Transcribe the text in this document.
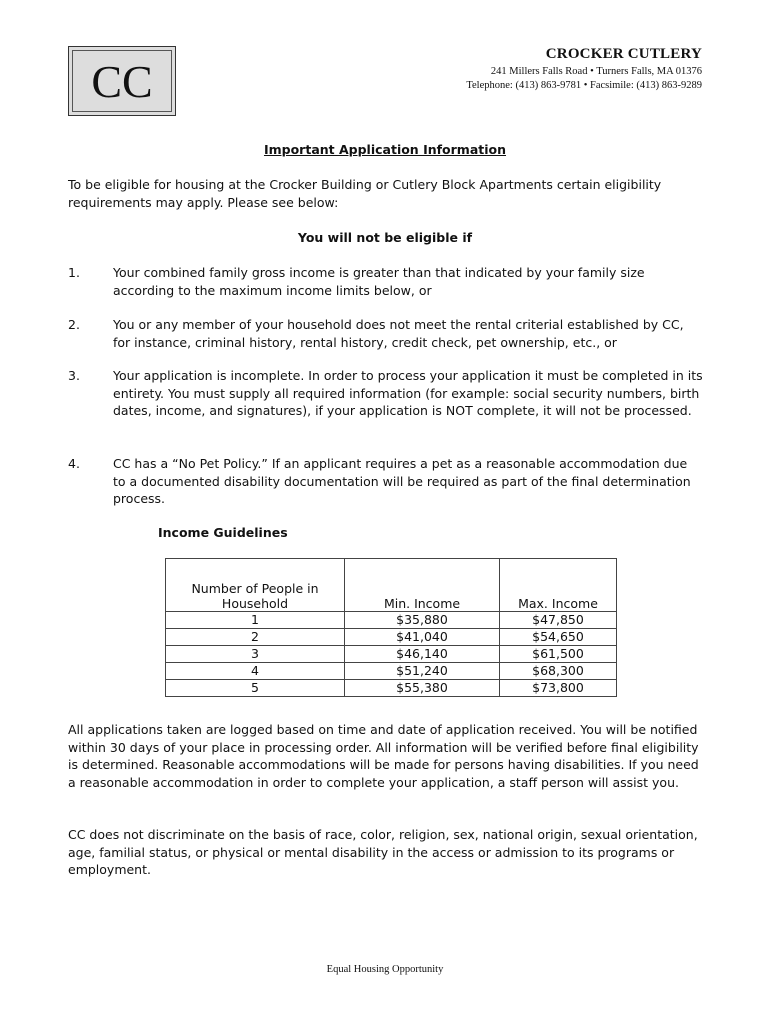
CC
CROCKER CUTLERY
241 Millers Falls Road • Turners Falls, MA 01376
Telephone: (413) 863-9781 • Facsimile: (413) 863-9289
Important Application Information
To be eligible for housing at the Crocker Building or Cutlery Block Apartments certain eligibility requirements may apply. Please see below:
You will not be eligible if
1.	Your combined family gross income is greater than that indicated by your family size according to the maximum income limits below, or
2.	You or any member of your household does not meet the rental criterial established by CC, for instance, criminal history, rental history, credit check, pet ownership, etc., or
3.	Your application is incomplete. In order to process your application it must be completed in its entirety. You must supply all required information (for example: social security numbers, birth dates, income, and signatures), if your application is NOT complete, it will not be processed.
4.	CC has a “No Pet Policy.” If an applicant requires a pet as a reasonable accommodation due to a documented disability documentation will be required as part of the final determination process.
Income Guidelines
Number of People in Household	Min. Income	Max. Income
1	$35,880	$47,850
2	$41,040	$54,650
3	$46,140	$61,500
4	$51,240	$68,300
5	$55,380	$73,800
All applications taken are logged based on time and date of application received. You will be notified within 30 days of your place in processing order. All information will be verified before final eligibility is determined. Reasonable accommodations will be made for persons having disabilities. If you need a reasonable accommodation in order to complete your application, a staff person will assist you.
CC does not discriminate on the basis of race, color, religion, sex, national origin, sexual orientation, age, familial status, or physical or mental disability in the access or admission to its programs or employment.
Equal Housing Opportunity
